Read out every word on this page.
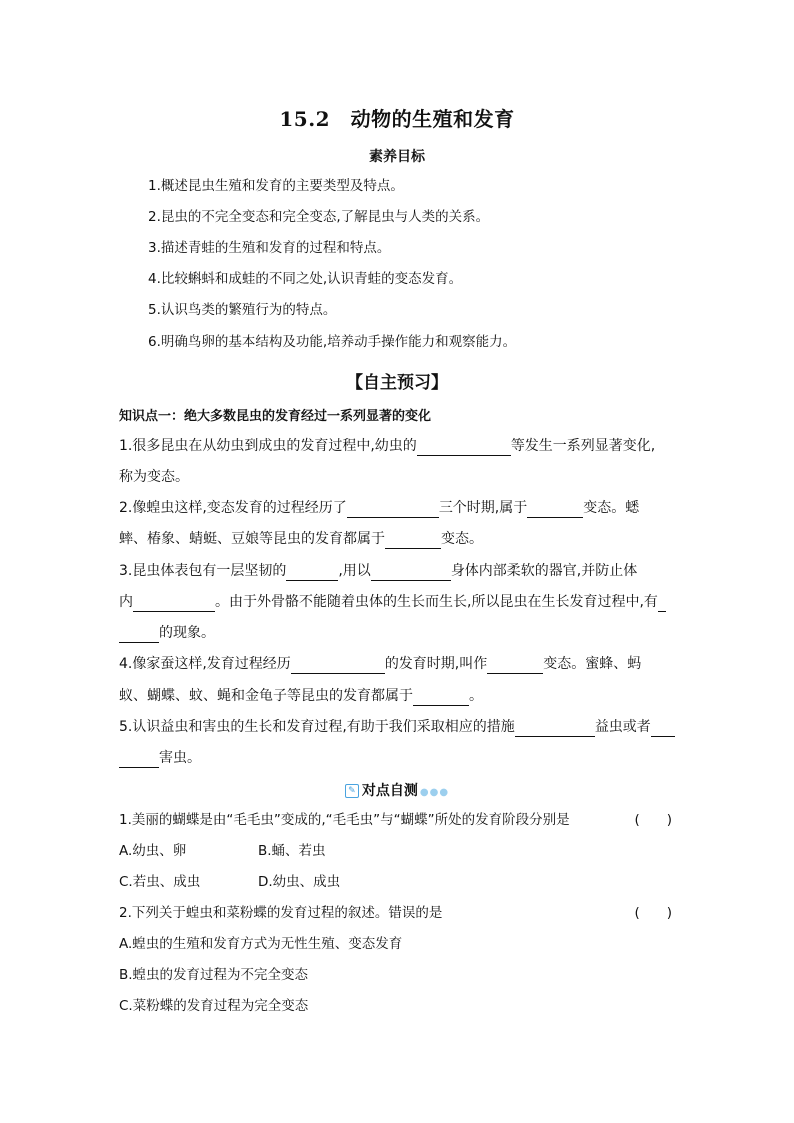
15.2　动物的生殖和发育
素养目标
1.概述昆虫生殖和发育的主要类型及特点。
2.昆虫的不完全变态和完全变态,了解昆虫与人类的关系。
3.描述青蛙的生殖和发育的过程和特点。
4.比较蝌蚪和成蛙的不同之处,认识青蛙的变态发育。
5.认识鸟类的繁殖行为的特点。
6.明确鸟卵的基本结构及功能,培养动手操作能力和观察能力。
【自主预习】
知识点一：绝大多数昆虫的发育经过一系列显著的变化
1.很多昆虫在从幼虫到成虫的发育过程中,幼虫的	等发生一系列显著变化,
称为变态。
2.像蝗虫这样,变态发育的过程经历了	三个时期,属于	变态。蟋
蟀、椿象、蜻蜓、豆娘等昆虫的发育都属于	变态。
3.昆虫体表包有一层坚韧的	,用以	身体内部柔软的器官,并防止体
内	。由于外骨骼不能随着虫体的生长而生长,所以昆虫在生长发育过程中,有
的现象。
4.像家蚕这样,发育过程经历	的发育时期,叫作	变态。蜜蜂、蚂
蚁、蝴蝶、蚊、蝇和金龟子等昆虫的发育都属于	。
5.认识益虫和害虫的生长和发育过程,有助于我们采取相应的措施	益虫或者
害虫。
✎ 对点自测 ●●●
1.美丽的蝴蝶是由“毛毛虫”变成的,“毛毛虫”与“蝴蝶”所处的发育阶段分别是	(　　)
A.幼虫、卵	B.蛹、若虫
C.若虫、成虫	D.幼虫、成虫
2.下列关于蝗虫和菜粉蝶的发育过程的叙述。错误的是	(　　)
A.蝗虫的生殖和发育方式为无性生殖、变态发育
B.蝗虫的发育过程为不完全变态
C.菜粉蝶的发育过程为完全变态
